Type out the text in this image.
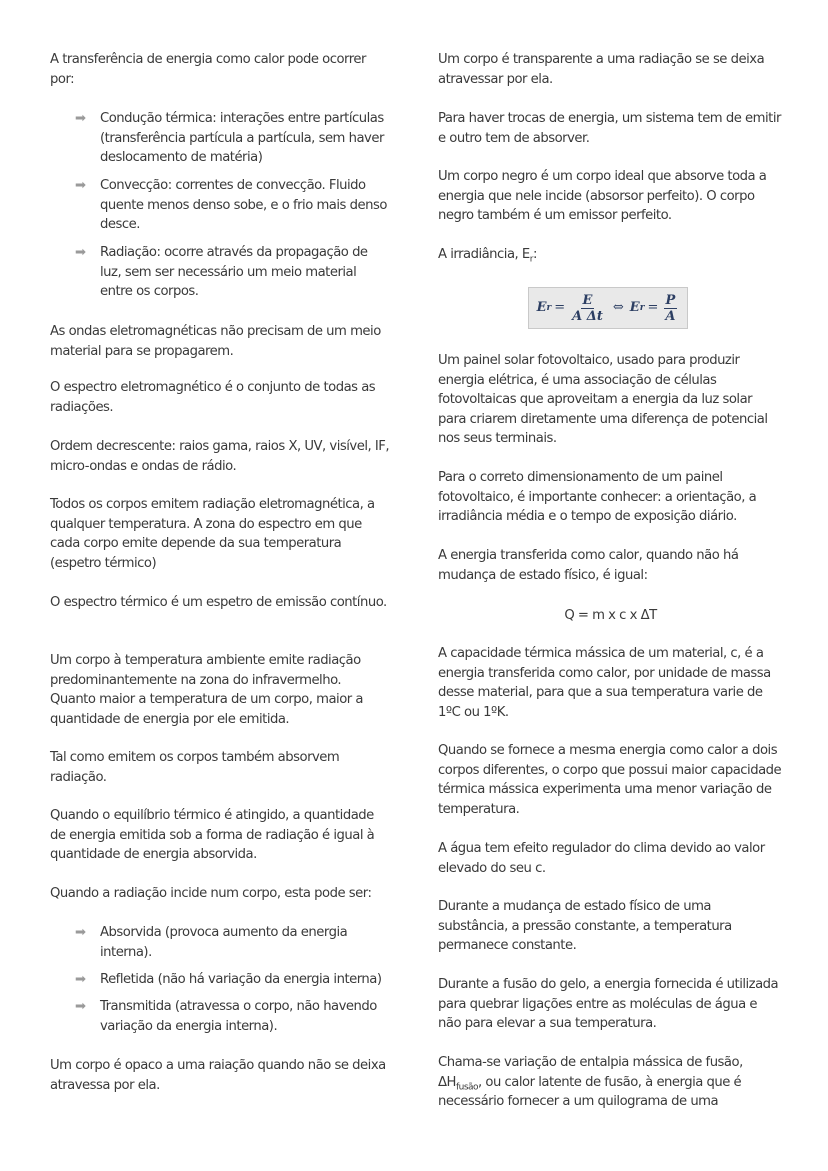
A transferência de energia como calor pode ocorrer por:

➡ Condução térmica: interações entre partículas (transferência partícula a partícula, sem haver deslocamento de matéria)
➡ Convecção: correntes de convecção. Fluido quente menos denso sobe, e o frio mais denso desce.
➡ Radiação: ocorre através da propagação de luz, sem ser necessário um meio material entre os corpos.

As ondas eletromagnéticas não precisam de um meio material para se propagarem.

O espectro eletromagnético é o conjunto de todas as radiações.

Ordem decrescente: raios gama, raios X, UV, visível, IF, micro-ondas e ondas de rádio.

Todos os corpos emitem radiação eletromagnética, a qualquer temperatura. A zona do espectro em que cada corpo emite depende da sua temperatura (espetro térmico)

O espectro térmico é um espetro de emissão contínuo.

Um corpo à temperatura ambiente emite radiação predominantemente na zona do infravermelho. Quanto maior a temperatura de um corpo, maior a quantidade de energia por ele emitida.

Tal como emitem os corpos também absorvem radiação.

Quando o equilíbrio térmico é atingido, a quantidade de energia emitida sob a forma de radiação é igual à quantidade de energia absorvida.

Quando a radiação incide num corpo, esta pode ser:

➡ Absorvida (provoca aumento da energia interna).
➡ Refletida (não há variação da energia interna)
➡ Transmitida (atravessa o corpo, não havendo variação da energia interna).

Um corpo é opaco a uma raiação quando não se deixa atravessa por ela.

Um corpo é transparente a uma radiação se se deixa atravessar por ela.

Para haver trocas de energia, um sistema tem de emitir e outro tem de absorver.

Um corpo negro é um corpo ideal que absorve toda a energia que nele incide (absorsor perfeito). O corpo negro também é um emissor perfeito.

A irradiância, $E_r$:

E $r = \frac{E}{\text{A Δt}}$ ⇔ E $r = \frac{P}{A}$

Um painel solar fotovoltaico, usado para produzir energia elétrica, é uma associação de células fotovoltaicas que aproveitam a energia da luz solar para criarem diretamente uma diferença de potencial nos seus terminais.

Para o correto dimensionamento de um painel fotovoltaico, é importante conhecer: a orientação, a irradiância média e o tempo de exposição diário.

A energia transferida como calor, quando não há mudança de estado físico, é igual:

Q = m x c x ΔT

A capacidade térmica mássica de um material, c, é a energia transferida como calor, por unidade de massa desse material, para que a sua temperatura varie de 1ºC ou 1ºK.

Quando se fornece a mesma energia como calor a dois corpos diferentes, o corpo que possui maior capacidade térmica mássica experimenta uma menor variação de temperatura.

A água tem efeito regulador do clima devido ao valor elevado do seu c.

Durante a mudança de estado físico de uma substância, a pressão constante, a temperatura permanece constante.

Durante a fusão do gelo, a energia fornecida é utilizada para quebrar ligações entre as moléculas de água e não para elevar a sua temperatura.

Chama-se variação de entalpia mássica de fusão, $\Delta H_{fusão}$, ou calor latente de fusão, à energia que é necessário fornecer a um quilograma de uma
